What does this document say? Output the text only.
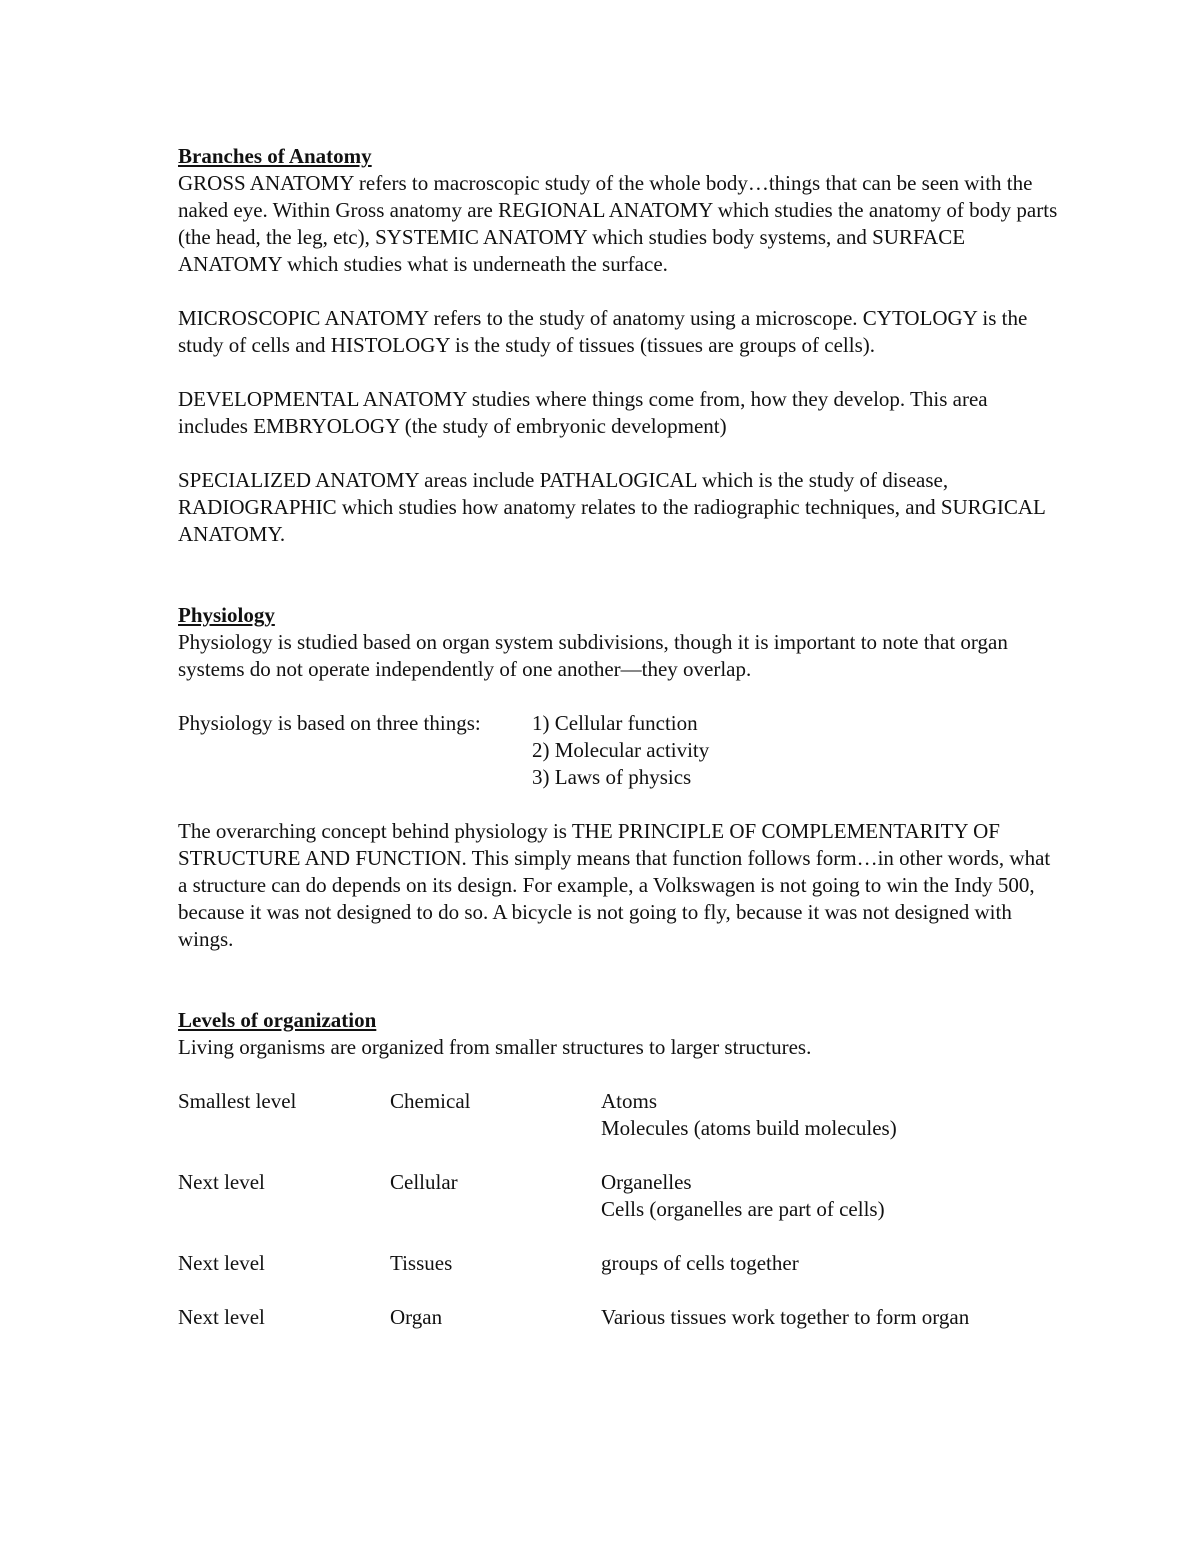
Branches of Anatomy

GROSS ANATOMY refers to macroscopic study of the whole body…things that can be seen with the naked eye. Within Gross anatomy are REGIONAL ANATOMY which studies the anatomy of body parts (the head, the leg, etc), SYSTEMIC ANATOMY which studies body systems, and SURFACE ANATOMY which studies what is underneath the surface.

MICROSCOPIC ANATOMY refers to the study of anatomy using a microscope. CYTOLOGY is the study of cells and HISTOLOGY is the study of tissues (tissues are groups of cells).

DEVELOPMENTAL ANATOMY studies where things come from, how they develop. This area includes EMBRYOLOGY (the study of embryonic development)

SPECIALIZED ANATOMY areas include PATHALOGICAL which is the study of disease, RADIOGRAPHIC which studies how anatomy relates to the radiographic techniques, and SURGICAL ANATOMY.

Physiology

Physiology is studied based on organ system subdivisions, though it is important to note that organ systems do not operate independently of one another—they overlap.

Physiology is based on three things:	1) Cellular function
2) Molecular activity
3) Laws of physics

The overarching concept behind physiology is THE PRINCIPLE OF COMPLEMENTARITY OF STRUCTURE AND FUNCTION. This simply means that function follows form…in other words, what a structure can do depends on its design. For example, a Volkswagen is not going to win the Indy 500, because it was not designed to do so. A bicycle is not going to fly, because it was not designed with wings.

Levels of organization

Living organisms are organized from smaller structures to larger structures.

Smallest level	Chemical	Atoms
Molecules (atoms build molecules)
Next level	Cellular	Organelles
Cells (organelles are part of cells)
Next level	Tissues	groups of cells together
Next level	Organ	Various tissues work together to form organ
